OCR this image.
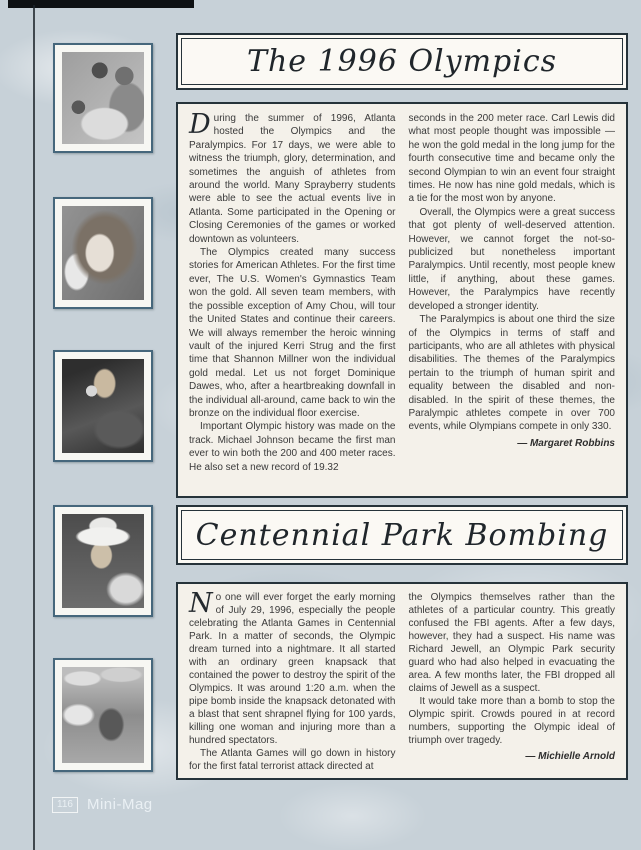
The 1996 Olympics

During the summer of 1996, Atlanta hosted the Olympics and the Paralympics. For 17 days, we were able to witness the triumph, glory, determination, and sometimes the anguish of athletes from around the world. Many Sprayberry students were able to see the actual events live in Atlanta. Some participated in the Opening or Closing Ceremonies of the games or worked downtown as volunteers.

The Olympics created many success stories for American Athletes. For the first time ever, The U.S. Women's Gymnastics Team won the gold. All seven team members, with the possible exception of Amy Chou, will tour the United States and continue their careers. We will always remember the heroic winning vault of the injured Kerri Strug and the first time that Shannon Millner won the individual gold medal. Let us not forget Dominique Dawes, who, after a heartbreaking downfall in the individual all-around, came back to win the bronze on the individual floor exercise.

Important Olympic history was made on the track. Michael Johnson became the first man ever to win both the 200 and 400 meter races. He also set a new record of 19.32

seconds in the 200 meter race. Carl Lewis did what most people thought was impossible — he won the gold medal in the long jump for the fourth consecutive time and became only the second Olympian to win an event four straight times. He now has nine gold medals, which is a tie for the most won by anyone.

Overall, the Olympics were a great success that got plenty of well-deserved attention. However, we cannot forget the not-so-publicized but nonetheless important Paralympics. Until recently, most people knew little, if anything, about these games. However, the Paralympics have recently developed a stronger identity.

The Paralympics is about one third the size of the Olympics in terms of staff and participants, who are all athletes with physical disabilities. The themes of the Paralympics pertain to the triumph of human spirit and equality between the disabled and non-disabled. In the spirit of these themes, the Paralympic athletes compete in over 700 events, while Olympians compete in only 330.

— Margaret Robbins

Centennial Park Bombing

No one will ever forget the early morning of July 29, 1996, especially the people celebrating the Atlanta Games in Centennial Park. In a matter of seconds, the Olympic dream turned into a nightmare. It all started with an ordinary green knapsack that contained the power to destroy the spirit of the Olympics. It was around 1:20 a.m. when the pipe bomb inside the knapsack detonated with a blast that sent shrapnel flying for 100 yards, killing one woman and injuring more than a hundred spectators.

The Atlanta Games will go down in history for the first fatal terrorist attack directed at

the Olympics themselves rather than the athletes of a particular country. This greatly confused the FBI agents. After a few days, however, they had a suspect. His name was Richard Jewell, an Olympic Park security guard who had also helped in evacuating the area. A few months later, the FBI dropped all claims of Jewell as a suspect.

It would take more than a bomb to stop the Olympic spirit. Crowds poured in at record numbers, supporting the Olympic ideal of triumph over tragedy.

— Michielle Arnold

116 Mini-Mag
